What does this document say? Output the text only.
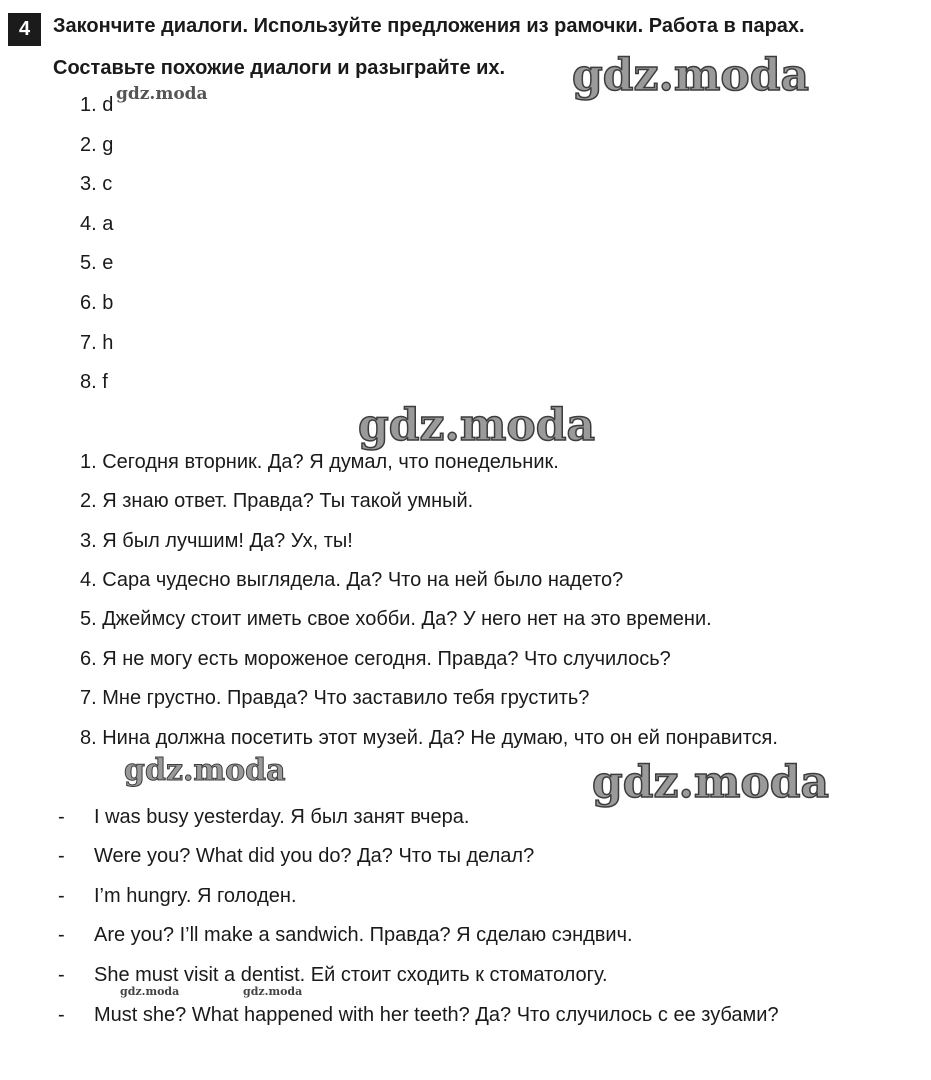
4	Закончите диалоги. Используйте предложения из рамочки. Работа в парах.
Составьте похожие диалоги и разыграйте их.
1. d
2. g
3. c
4. a
5. e
6. b
7. h
8. f
1. Сегодня вторник. Да? Я думал, что понедельник.
2. Я знаю ответ. Правда? Ты такой умный.
3. Я был лучшим! Да? Ух, ты!
4. Сара чудесно выглядела. Да? Что на ней было надето?
5. Джеймсу стоит иметь свое хобби. Да? У него нет на это времени.
6. Я не могу есть мороженое сегодня. Правда? Что случилось?
7. Мне грустно. Правда? Что заставило тебя грустить?
8. Нина должна посетить этот музей. Да? Не думаю, что он ей понравится.
- I was busy yesterday. Я был занят вчера.
- Were you? What did you do? Да? Что ты делал?
- I’m hungry. Я голоден.
- Are you? I’ll make a sandwich. Правда? Я сделаю сэндвич.
- She must visit a dentist. Ей стоит сходить к стоматологу.
- Must she? What happened with her teeth? Да? Что случилось с ее зубами?
gdz.moda
gdz.moda
gdz.moda
gdz.moda	gdz.moda
gdz.moda	gdz.moda
